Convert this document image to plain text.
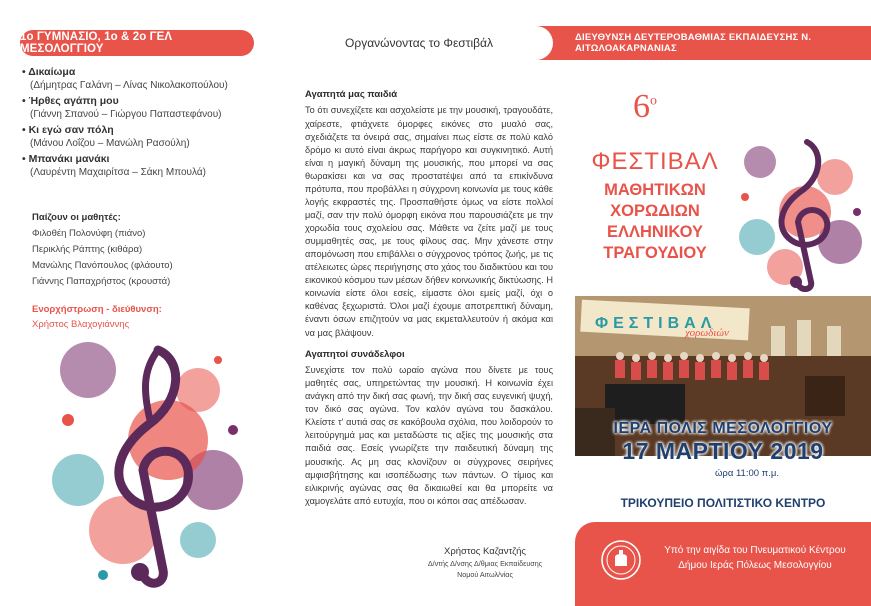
1ο ΓΥΜΝΑΣΙΟ, 1ο & 2ο ΓΕΛ ΜΕΣΟΛΟΓΓΙΟΥ
• Δικαίωμα
(Δήμητρας Γαλάνη – Λίνας Νικολακοπούλου)
• Ήρθες αγάπη μου
(Γιάννη Σπανού – Γιώργου Παπαστεφάνου)
• Κι εγώ σαν πόλη
(Μάνου Λοΐζου – Μανώλη Ρασούλη)
• Μπανάκι μανάκι
(Λαυρέντη Μαχαιρίτσα – Σάκη Μπουλά)
Παίζουν οι μαθητές:
Φιλοθέη Πολονύφη (πιάνο)
Περικλής Ράπτης (κιθάρα)
Μανώλης Πανόπουλος (φλάουτο)
Γιάννης Παπαχρήστος (κρουστά)
Ενορχήστρωση - διεύθυνση:
Χρήστος Βλαχογιάννης
Οργανώνοντας το Φεστιβάλ
Αγαπητά μας παιδιά

Το ότι συνεχίζετε και ασχολείστε με την μουσική, τραγουδάτε, χαίρεστε, φτιάχνετε όμορφες εικόνες στο μυαλό σας, σχεδιάζετε τα όνειρά σας, σημαίνει πως είστε σε πολύ καλό δρόμο κι αυτό είναι άκρως παρήγορο και συγκινητικό. Αυτή είναι η μαγική δύναμη της μουσικής, που μπορεί να σας θωρακίσει και να σας προστατέψει από τα επικίνδυνα πρότυπα, που προβάλλει η σύγχρονη κοινωνία με τους κάθε λογής εκφραστές της. Προσπαθήστε όμως να είστε πολλοί μαζί, σαν την πολύ όμορφη εικόνα που παρουσιάζετε με την χορωδία τους σχολείου σας. Μάθετε να ζείτε μαζί με τους συμμαθητές σας, με τους φίλους σας. Μην χάνεστε στην απομόνωση που επιβάλλει ο σύγχρονος τρόπος ζωής, με τις ατέλειωτες ώρες περιήγησης στο χάος του διαδικτύου και του εικονικού κόσμου των μέσων δήθεν κοινωνικής δικτύωσης. Η κοινωνία είστε όλοι εσείς, είμαστε όλοι εμείς μαζί, όχι ο καθένας ξεχωριστά. Όλοι μαζί έχουμε αποτρεπτική δύναμη, έναντι όσων επιζητούν να μας εκμεταλλευτούν ή ακόμα και να μας βλάψουν.

Αγαπητοί συνάδελφοι

Συνεχίστε τον πολύ ωραίο αγώνα που δίνετε με τους μαθητές σας, υπηρετώντας την μουσική. Η κοινωνία έχει ανάγκη από την δική σας φωνή, την δική σας ευγενική ψυχή, τον δικό σας αγώνα. Τον καλόν αγώνα του δασκάλου. Κλείστε τ' αυτιά σας σε κακόβουλα σχόλια, που λοιδορούν το λειτούργημά μας και μεταδώστε τις αξίες της μουσικής στα παιδιά σας. Εσείς γνωρίζετε την παιδευτική δύναμη της μουσικής. Ας μη σας κλονίζουν οι σύγχρονες σειρήνες αμφισβήτησης και ισοπέδωσης των πάντων. Ο τίμιος και ειλικρινής αγώνας σας θα δικαιωθεί και θα μπορείτε να χαμογελάτε από ευτυχία, που οι κόποι σας απέδωσαν.

Χρήστος Καζαντζής
Δ/ντής Δ/νσης Δ/θμιας Εκπαίδευσης
Νομού Αιτωλ/νίας
ΔΙΕΥΘΥΝΣΗ ΔΕΥΤΕΡΟΒΑΘΜΙΑΣ ΕΚΠΑΙΔΕΥΣΗΣ Ν. ΑΙΤΩΛΟΑΚΑΡΝΑΝΙΑΣ
$6^o$
ΦΕΣΤΙΒΑΛ
ΜΑΘΗΤΙΚΩΝ
ΧΟΡΩΔΙΩΝ
ΕΛΛΗΝΙΚΟΥ
ΤΡΑΓΟΥΔΙΟΥ
ΦΕΣΤΙΒΑΛ
χορωδιών
ΙΕΡΑ ΠΟΛΙΣ ΜΕΣΟΛΟΓΓΙΟΥ
17 ΜΑΡΤΙΟΥ 2019
ώρα 11:00 π.μ.
ΤΡΙΚΟΥΠΕΙΟ ΠΟΛΙΤΙΣΤΙΚΟ ΚΕΝΤΡΟ
Υπό την αιγίδα του Πνευματικού Κέντρου
Δήμου Ιεράς Πόλεως Μεσολογγίου
